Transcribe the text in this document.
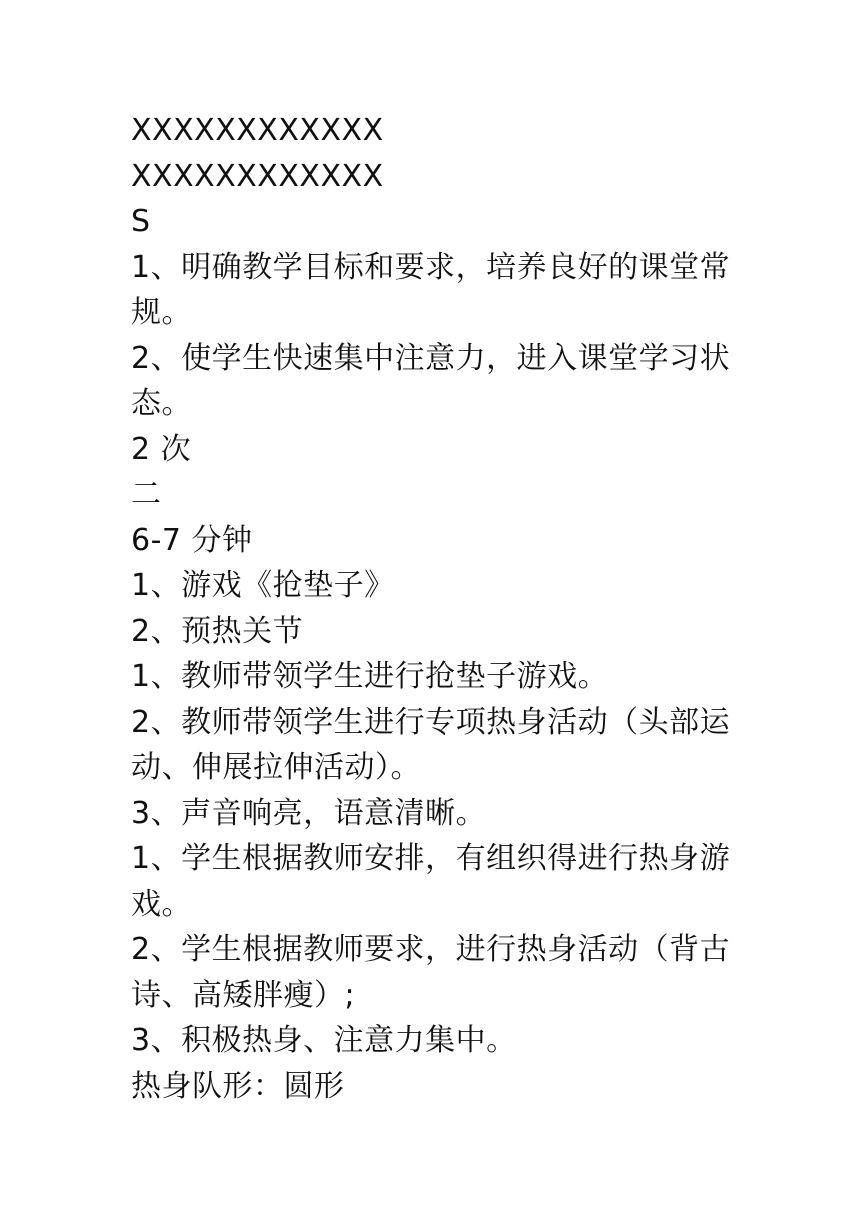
XXXXXXXXXXXX

XXXXXXXXXXXX

S

1、明确教学目标和要求，培养良好的课堂常规。

2、使学生快速集中注意力，进入课堂学习状态。

2 次

二

6-7 分钟

1、游戏《抢垫子》

2、预热关节

1、教师带领学生进行抢垫子游戏。

2、教师带领学生进行专项热身活动（头部运动、伸展拉伸活动）。

3、声音响亮，语意清晰。

1、学生根据教师安排，有组织得进行热身游戏。

2、学生根据教师要求，进行热身活动（背古诗、高矮胖瘦）;

3、积极热身、注意力集中。

热身队形：圆形
